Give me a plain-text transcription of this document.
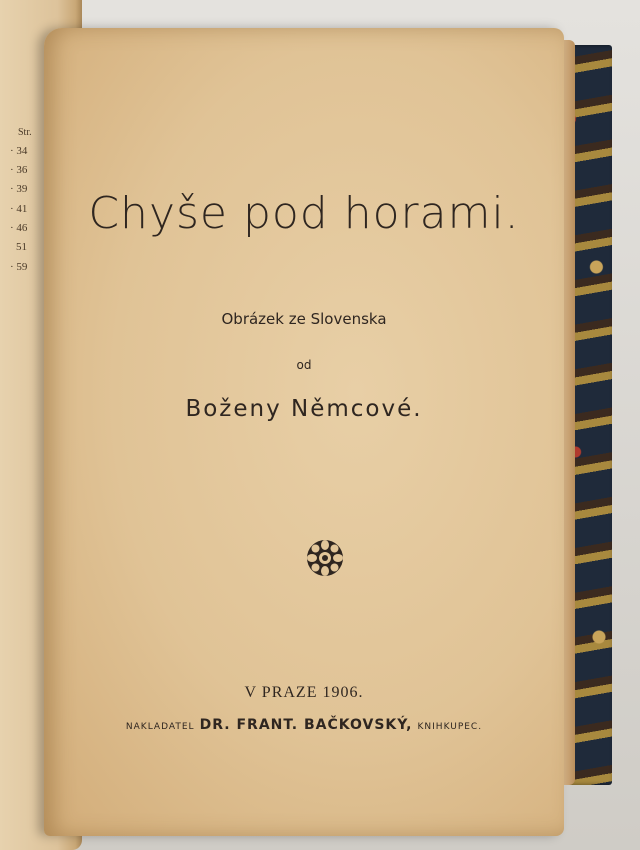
Str.
· 34
· 36
· 39
· 41
· 46
51
· 59
Chyše pod horami.
Obrázek ze Slovenska
od
Boženy Němcové.
V PRAZE 1906.
NAKLADATEL DR. FRANT. BAČKOVSKÝ, KNIHKUPEC.
